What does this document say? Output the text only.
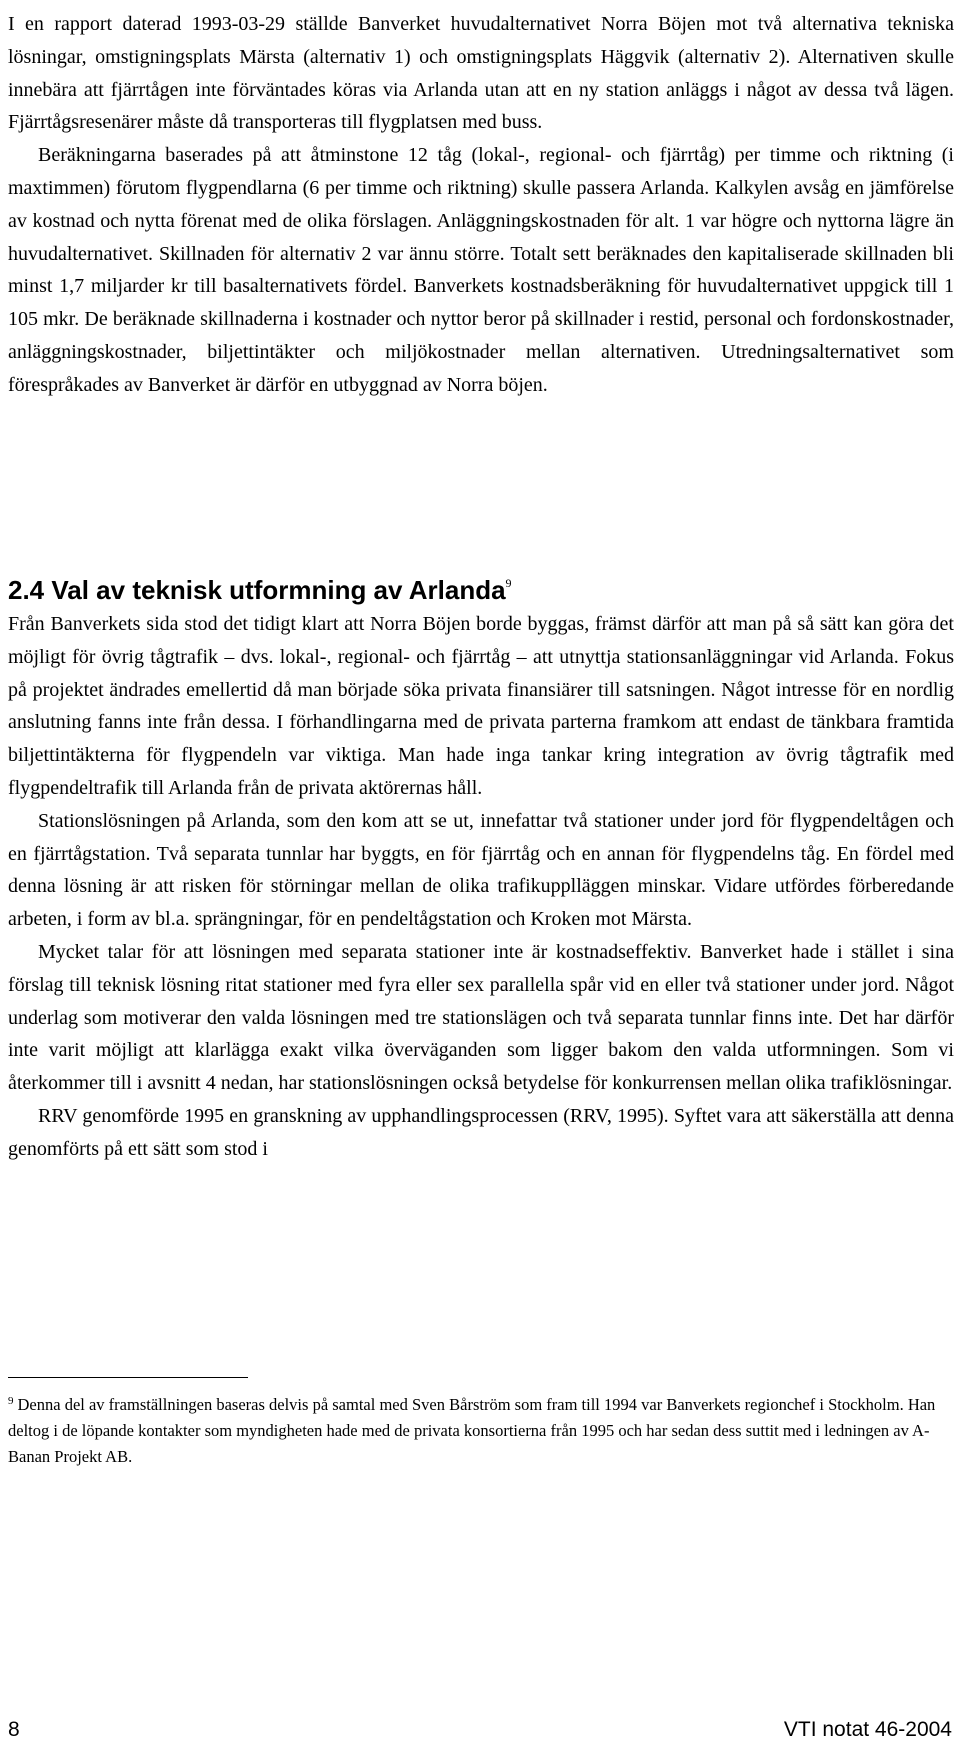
I en rapport daterad 1993-03-29 ställde Banverket huvudalternativet Norra Böjen mot två alternativa tekniska lösningar, omstigningsplats Märsta (alternativ 1) och omstigningsplats Häggvik (alternativ 2). Alternativen skulle innebära att fjärrtågen inte förväntades köras via Arlanda utan att en ny station anläggs i något av dessa två lägen. Fjärrtågsresenärer måste då transporteras till flygplatsen med buss.

Beräkningarna baserades på att åtminstone 12 tåg (lokal-, regional- och fjärrtåg) per timme och riktning (i maxtimmen) förutom flygpendlarna (6 per timme och riktning) skulle passera Arlanda. Kalkylen avsåg en jämförelse av kostnad och nytta förenat med de olika förslagen. Anläggningskostnaden för alt. 1 var högre och nyttorna lägre än huvudalternativet. Skillnaden för alternativ 2 var ännu större. Totalt sett beräknades den kapitaliserade skillnaden bli minst 1,7 miljarder kr till basalternativets fördel. Banverkets kostnadsberäkning för huvudalternativet uppgick till 1 105 mkr. De beräknade skillnaderna i kostnader och nyttor beror på skillnader i restid, personal och fordonskostnader, anläggningskostnader, biljettintäkter och miljökostnader mellan alternativen. Utredningsalternativet som förespråkades av Banverket är därför en utbyggnad av Norra böjen.

2.4 Val av teknisk utformning av Arlanda$^9$

Från Banverkets sida stod det tidigt klart att Norra Böjen borde byggas, främst därför att man på så sätt kan göra det möjligt för övrig tågtrafik – dvs. lokal-, regional- och fjärrtåg – att utnyttja stationsanläggningar vid Arlanda. Fokus på projektet ändrades emellertid då man började söka privata finansiärer till satsningen. Något intresse för en nordlig anslutning fanns inte från dessa. I förhandlingarna med de privata parterna framkom att endast de tänkbara framtida biljettintäkterna för flygpendeln var viktiga. Man hade inga tankar kring integration av övrig tågtrafik med flygpendeltrafik till Arlanda från de privata aktörernas håll.

Stationslösningen på Arlanda, som den kom att se ut, innefattar två stationer under jord för flygpendeltågen och en fjärrtågstation. Två separata tunnlar har byggts, en för fjärrtåg och en annan för flygpendelns tåg. En fördel med denna lösning är att risken för störningar mellan de olika trafikupplläggen minskar. Vidare utfördes förberedande arbeten, i form av bl.a. sprängningar, för en pendeltågstation och Kroken mot Märsta.

Mycket talar för att lösningen med separata stationer inte är kostnadseffektiv. Banverket hade i stället i sina förslag till teknisk lösning ritat stationer med fyra eller sex parallella spår vid en eller två stationer under jord. Något underlag som motiverar den valda lösningen med tre stationslägen och två separata tunnlar finns inte. Det har därför inte varit möjligt att klarlägga exakt vilka överväganden som ligger bakom den valda utformningen. Som vi återkommer till i avsnitt 4 nedan, har stationslösningen också betydelse för konkurrensen mellan olika trafiklösningar.

RRV genomförde 1995 en granskning av upphandlingsprocessen (RRV, 1995). Syftet vara att säkerställa att denna genomförts på ett sätt som stod i

$^9$ Denna del av framställningen baseras delvis på samtal med Sven Bårström som fram till 1994 var Banverkets regionchef i Stockholm. Han deltog i de löpande kontakter som myndigheten hade med de privata konsortierna från 1995 och har sedan dess suttit med i ledningen av A-Banan Projekt AB.

8	VTI notat 46-2004
